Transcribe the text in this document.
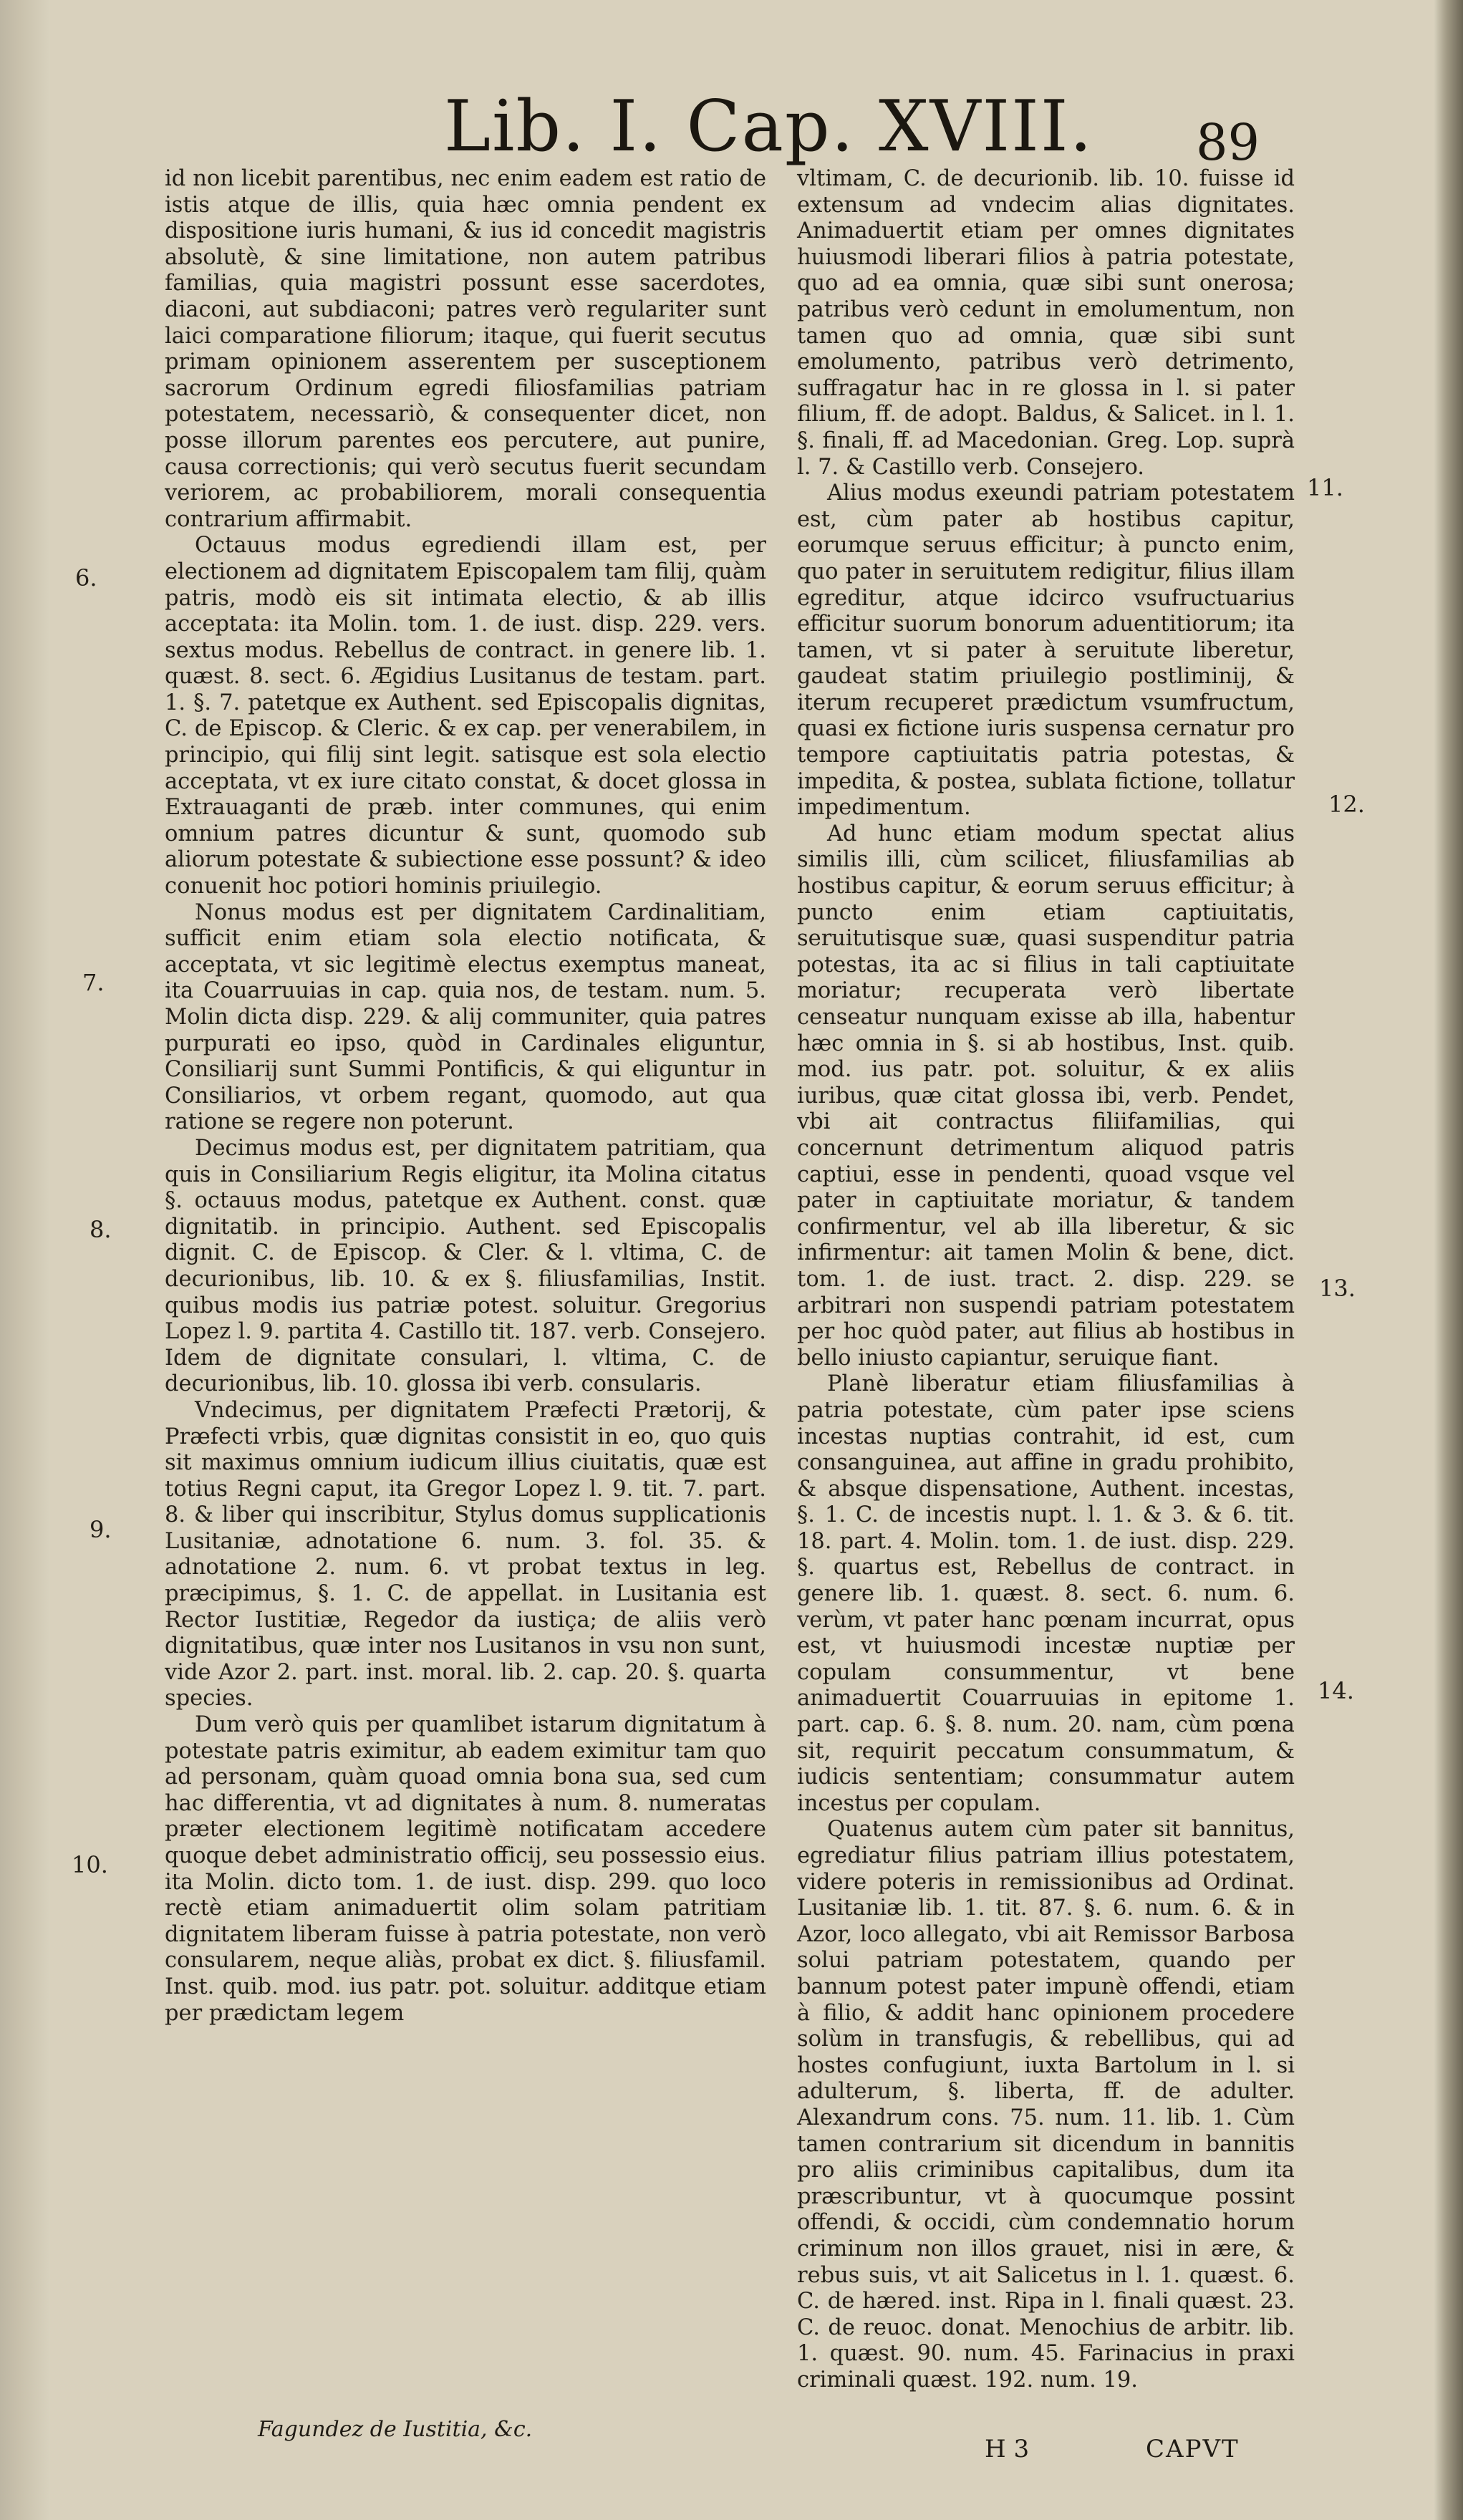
Lib. I. Cap. XVIII. 89
6.
7.
8.
9.
10.
11.
12.
13.
14.

id non licebit parentibus, nec enim eadem est ratio de istis atque de illis, quia hæc omnia pendent ex dispositione iuris humani, & ius id concedit magistris absolutè, & sine limitatione, non autem patribus familias, quia magistri possunt esse sacerdotes, diaconi, aut subdiaconi; patres verò regulariter sunt laici comparatione filiorum; itaque, qui fuerit secutus primam opinionem asserentem per susceptionem sacrorum Ordinum egredi filiosfamilias patriam potestatem, necessariò, & consequenter dicet, non posse illorum parentes eos percutere, aut punire, causa correctionis; qui verò secutus fuerit secundam veriorem, ac probabiliorem, morali consequentia contrarium affirmabit.

Octauus modus egrediendi illam est, per electionem ad dignitatem Episcopalem tam filij, quàm patris, modò eis sit intimata electio, & ab illis acceptata: ita Molin. tom. 1. de iust. disp. 229. vers. sextus modus. Rebellus de contract. in genere lib. 1. quæst. 8. sect. 6. Ægidius Lusitanus de testam. part. 1. §. 7. patetque ex Authent. sed Episcopalis dignitas, C. de Episcop. & Cleric. & ex cap. per venerabilem, in principio, qui filij sint legit. satisque est sola electio acceptata, vt ex iure citato constat, & docet glossa in Extrauaganti de præb. inter communes, qui enim omnium patres dicuntur & sunt, quomodo sub aliorum potestate & subiectione esse possunt? & ideo conuenit hoc potiori hominis priuilegio.

Nonus modus est per dignitatem Cardinalitiam, sufficit enim etiam sola electio notificata, & acceptata, vt sic legitimè electus exemptus maneat, ita Couarruuias in cap. quia nos, de testam. num. 5. Molin dicta disp. 229. & alij communiter, quia patres purpurati eo ipso, quòd in Cardinales eliguntur, Consiliarij sunt Summi Pontificis, & qui eliguntur in Consiliarios, vt orbem regant, quomodo, aut qua ratione se regere non poterunt.

Decimus modus est, per dignitatem patritiam, qua quis in Consiliarium Regis eligitur, ita Molina citatus §. octauus modus, patetque ex Authent. const. quæ dignitatib. in principio. Authent. sed Episcopalis dignit. C. de Episcop. & Cler. & l. vltima, C. de decurionibus, lib. 10. & ex §. filiusfamilias, Instit. quibus modis ius patriæ potest. soluitur. Gregorius Lopez l. 9. partita 4. Castillo tit. 187. verb. Consejero. Idem de dignitate consulari, l. vltima, C. de decurionibus, lib. 10. glossa ibi verb. consularis.

Vndecimus, per dignitatem Præfecti Prætorij, & Præfecti vrbis, quæ dignitas consistit in eo, quo quis sit maximus omnium iudicum illius ciuitatis, quæ est totius Regni caput, ita Gregor Lopez l. 9. tit. 7. part. 8. & liber qui inscribitur, Stylus domus supplicationis Lusitaniæ, adnotatione 6. num. 3. fol. 35. & adnotatione 2. num. 6. vt probat textus in leg. præcipimus, §. 1. C. de appellat. in Lusitania est Rector Iustitiæ, Regedor da iustiça; de aliis verò dignitatibus, quæ inter nos Lusitanos in vsu non sunt, vide Azor 2. part. inst. moral. lib. 2. cap. 20. §. quarta species.

Dum verò quis per quamlibet istarum dignitatum à potestate patris eximitur, ab eadem eximitur tam quo ad personam, quàm quoad omnia bona sua, sed cum hac differentia, vt ad dignitates à num. 8. numeratas præter electionem legitimè notificatam accedere quoque debet administratio officij, seu possessio eius. ita Molin. dicto tom. 1. de iust. disp. 299. quo loco rectè etiam animaduertit olim solam patritiam dignitatem liberam fuisse à patria potestate, non verò consularem, neque aliàs, probat ex dict. §. filiusfamil. Inst. quib. mod. ius patr. pot. soluitur. additque etiam per prædictam legem

vltimam, C. de decurionib. lib. 10. fuisse id extensum ad vndecim alias dignitates. Animaduertit etiam per omnes dignitates huiusmodi liberari filios à patria potestate, quo ad ea omnia, quæ sibi sunt onerosa; patribus verò cedunt in emolumentum, non tamen quo ad omnia, quæ sibi sunt emolumento, patribus verò detrimento, suffragatur hac in re glossa in l. si pater filium, ff. de adopt. Baldus, & Salicet. in l. 1. §. finali, ff. ad Macedonian. Greg. Lop. suprà l. 7. & Castillo verb. Consejero.

Alius modus exeundi patriam potestatem est, cùm pater ab hostibus capitur, eorumque seruus efficitur; à puncto enim, quo pater in seruitutem redigitur, filius illam egreditur, atque idcirco vsufructuarius efficitur suorum bonorum aduentitiorum; ita tamen, vt si pater à seruitute liberetur, gaudeat statim priuilegio postliminij, & iterum recuperet prædictum vsumfructum, quasi ex fictione iuris suspensa cernatur pro tempore captiuitatis patria potestas, & impedita, & postea, sublata fictione, tollatur impedimentum.

Ad hunc etiam modum spectat alius similis illi, cùm scilicet, filiusfamilias ab hostibus capitur, & eorum seruus efficitur; à puncto enim etiam captiuitatis, seruitutisque suæ, quasi suspenditur patria potestas, ita ac si filius in tali captiuitate moriatur; recuperata verò libertate censeatur nunquam exisse ab illa, habentur hæc omnia in §. si ab hostibus, Inst. quib. mod. ius patr. pot. soluitur, & ex aliis iuribus, quæ citat glossa ibi, verb. Pendet, vbi ait contractus filiifamilias, qui concernunt detrimentum aliquod patris captiui, esse in pendenti, quoad vsque vel pater in captiuitate moriatur, & tandem confirmentur, vel ab illa liberetur, & sic infirmentur: ait tamen Molin & bene, dict. tom. 1. de iust. tract. 2. disp. 229. se arbitrari non suspendi patriam potestatem per hoc quòd pater, aut filius ab hostibus in bello iniusto capiantur, seruique fiant.

Planè liberatur etiam filiusfamilias à patria potestate, cùm pater ipse sciens incestas nuptias contrahit, id est, cum consanguinea, aut affine in gradu prohibito, & absque dispensatione, Authent. incestas, §. 1. C. de incestis nupt. l. 1. & 3. & 6. tit. 18. part. 4. Molin. tom. 1. de iust. disp. 229. §. quartus est, Rebellus de contract. in genere lib. 1. quæst. 8. sect. 6. num. 6. verùm, vt pater hanc pœnam incurrat, opus est, vt huiusmodi incestæ nuptiæ per copulam consummentur, vt bene animaduertit Couarruuias in epitome 1. part. cap. 6. §. 8. num. 20. nam, cùm pœna sit, requirit peccatum consummatum, & iudicis sententiam; consummatur autem incestus per copulam.

Quatenus autem cùm pater sit bannitus, egrediatur filius patriam illius potestatem, videre poteris in remissionibus ad Ordinat. Lusitaniæ lib. 1. tit. 87. §. 6. num. 6. & in Azor, loco allegato, vbi ait Remissor Barbosa solui patriam potestatem, quando per bannum potest pater impunè offendi, etiam à filio, & addit hanc opinionem procedere solùm in transfugis, & rebellibus, qui ad hostes confugiunt, iuxta Bartolum in l. si adulterum, §. liberta, ff. de adulter. Alexandrum cons. 75. num. 11. lib. 1. Cùm tamen contrarium sit dicendum in bannitis pro aliis criminibus capitalibus, dum ita præscribuntur, vt à quocumque possint offendi, & occidi, cùm condemnatio horum criminum non illos grauet, nisi in ære, & rebus suis, vt ait Salicetus in l. 1. quæst. 6. C. de hæred. inst. Ripa in l. finali quæst. 23. C. de reuoc. donat. Menochius de arbitr. lib. 1. quæst. 90. num. 45. Farinacius in praxi criminali quæst. 192. num. 19.

Fagundez de Iustitia, &c.
H 3	CAPVT
